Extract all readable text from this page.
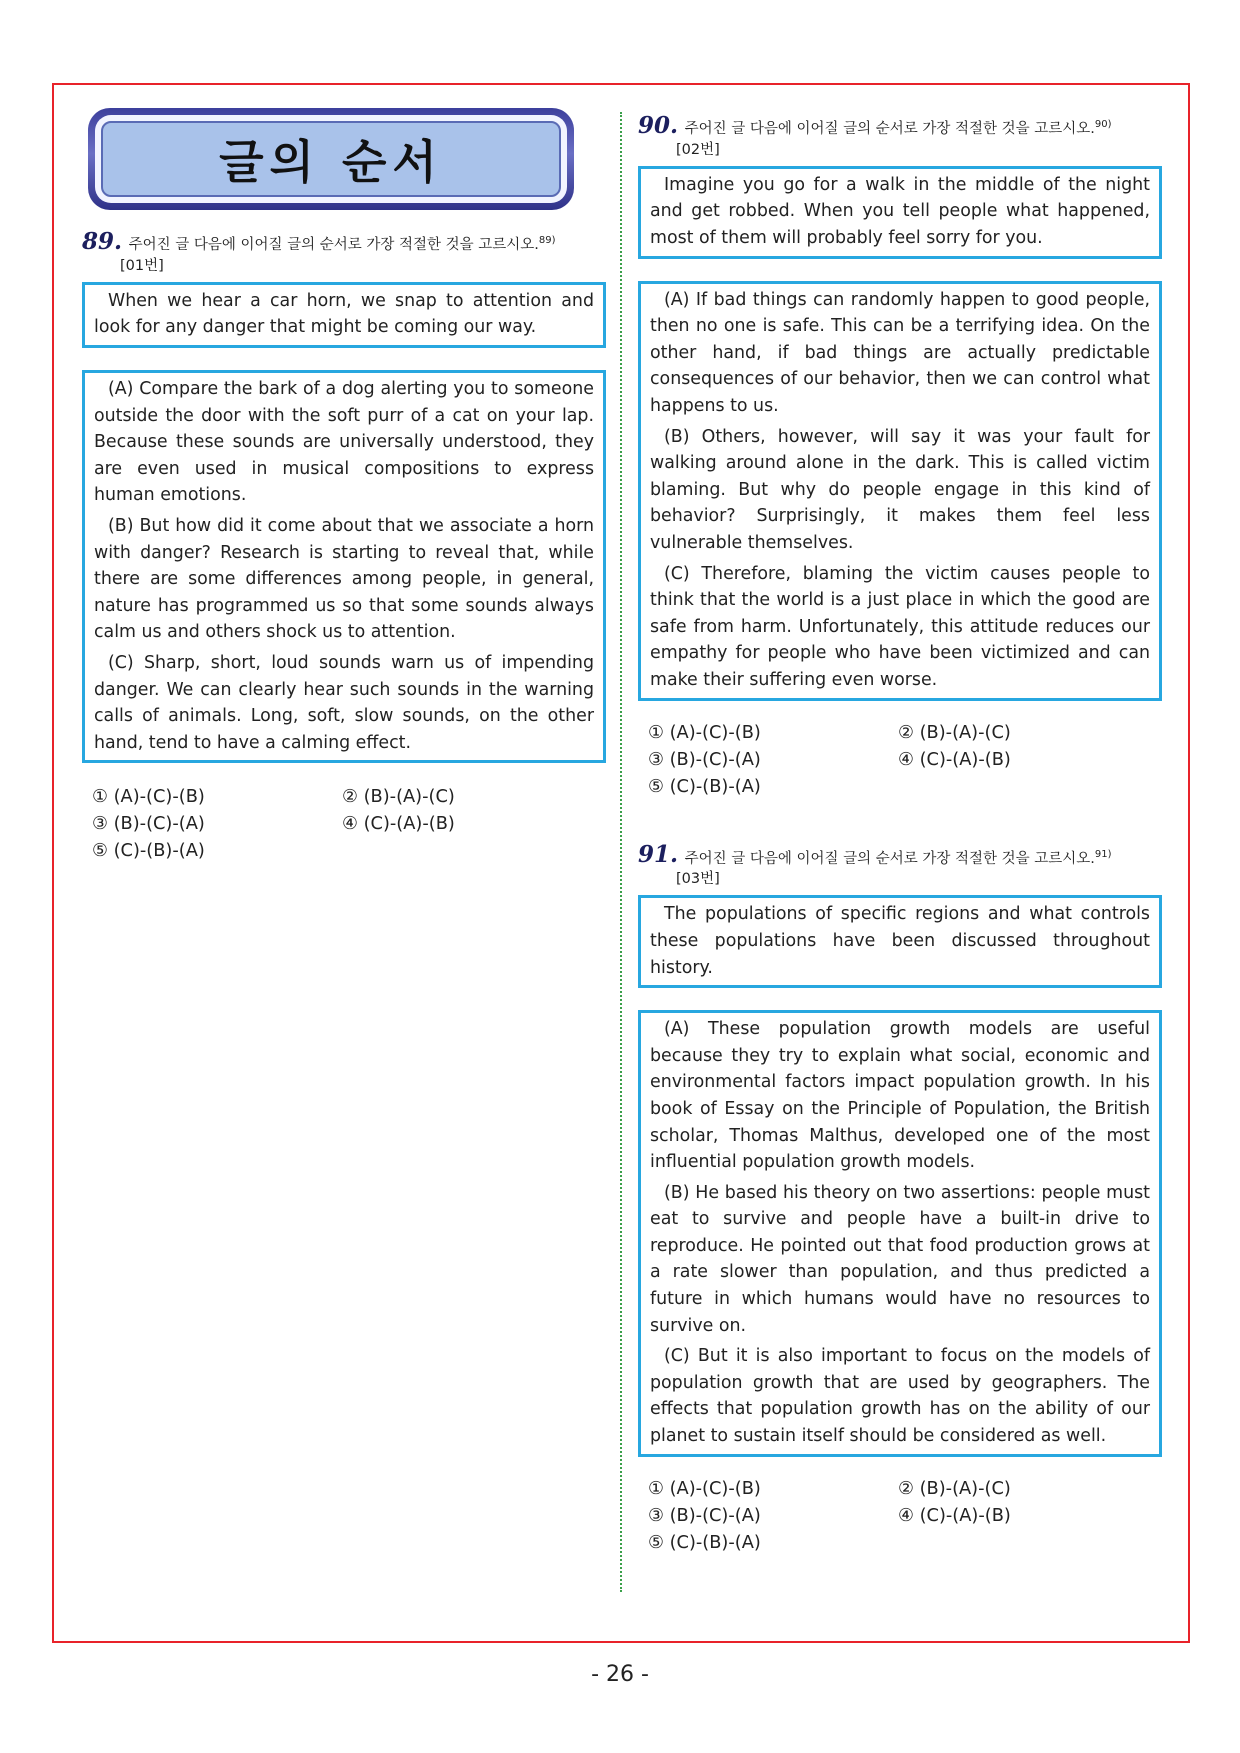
글의 순서
89. 주어진 글 다음에 이어질 글의 순서로 가장 적절한 것을 고르시오.$^{89)}$
[01번]

When we hear a car horn, we snap to attention and look for any danger that might be coming our way.

(A) Compare the bark of a dog alerting you to someone outside the door with the soft purr of a cat on your lap. Because these sounds are universally understood, they are even used in musical compositions to express human emotions.

(B) But how did it come about that we associate a horn with danger? Research is starting to reveal that, while there are some differences among people, in general, nature has programmed us so that some sounds always calm us and others shock us to attention.

(C) Sharp, short, loud sounds warn us of impending danger. We can clearly hear such sounds in the warning calls of animals. Long, soft, slow sounds, on the other hand, tend to have a calming effect.

① (A)-(C)-(B)	② (B)-(A)-(C)
③ (B)-(C)-(A)	④ (C)-(A)-(B)
⑤ (C)-(B)-(A)
90. 주어진 글 다음에 이어질 글의 순서로 가장 적절한 것을 고르시오.$^{90)}$
[02번]

Imagine you go for a walk in the middle of the night and get robbed. When you tell people what happened, most of them will probably feel sorry for you.

(A) If bad things can randomly happen to good people, then no one is safe. This can be a terrifying idea. On the other hand, if bad things are actually predictable consequences of our behavior, then we can control what happens to us.

(B) Others, however, will say it was your fault for walking around alone in the dark. This is called victim blaming. But why do people engage in this kind of behavior? Surprisingly, it makes them feel less vulnerable themselves.

(C) Therefore, blaming the victim causes people to think that the world is a just place in which the good are safe from harm. Unfortunately, this attitude reduces our empathy for people who have been victimized and can make their suffering even worse.

① (A)-(C)-(B)	② (B)-(A)-(C)
③ (B)-(C)-(A)	④ (C)-(A)-(B)
⑤ (C)-(B)-(A)
91. 주어진 글 다음에 이어질 글의 순서로 가장 적절한 것을 고르시오.$^{91)}$
[03번]

The populations of specific regions and what controls these populations have been discussed throughout history.

(A) These population growth models are useful because they try to explain what social, economic and environmental factors impact population growth. In his book of Essay on the Principle of Population, the British scholar, Thomas Malthus, developed one of the most influential population growth models.

(B) He based his theory on two assertions: people must eat to survive and people have a built-in drive to reproduce. He pointed out that food production grows at a rate slower than population, and thus predicted a future in which humans would have no resources to survive on.

(C) But it is also important to focus on the models of population growth that are used by geographers. The effects that population growth has on the ability of our planet to sustain itself should be considered as well.

① (A)-(C)-(B)	② (B)-(A)-(C)
③ (B)-(C)-(A)	④ (C)-(A)-(B)
⑤ (C)-(B)-(A)
- 26 -
